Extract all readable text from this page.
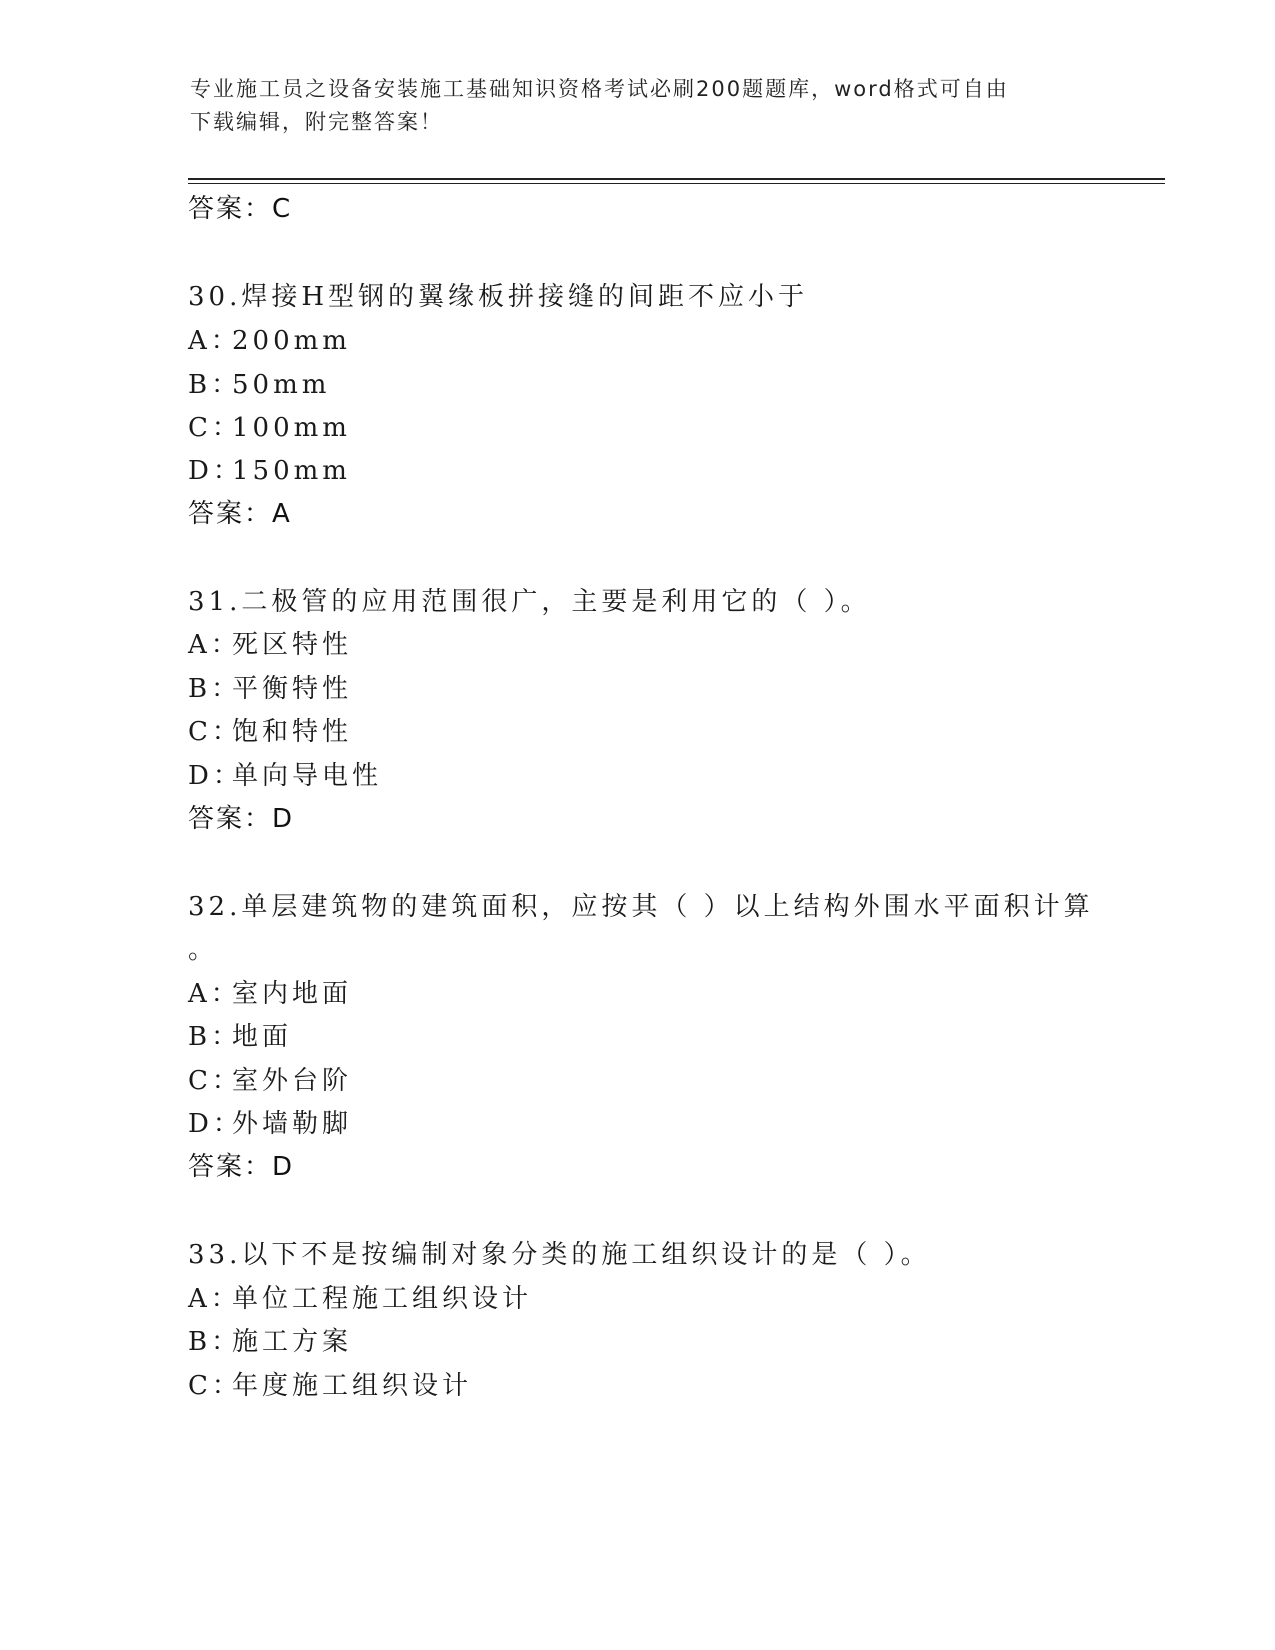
专业施工员之设备安装施工基础知识资格考试必刷200题题库，word格式可自由
下载编辑，附完整答案！
答案：C
30.焊接H型钢的翼缘板拼接缝的间距不应小于
A：200mm
B：50mm
C：100mm
D：150mm
答案：A
31.二极管的应用范围很广，主要是利用它的（ ）。
A：死区特性
B：平衡特性
C：饱和特性
D：单向导电性
答案：D
32.单层建筑物的建筑面积，应按其（ ）以上结构外围水平面积计算
。
A：室内地面
B：地面
C：室外台阶
D：外墙勒脚
答案：D
33.以下不是按编制对象分类的施工组织设计的是（ ）。
A：单位工程施工组织设计
B：施工方案
C：年度施工组织设计
